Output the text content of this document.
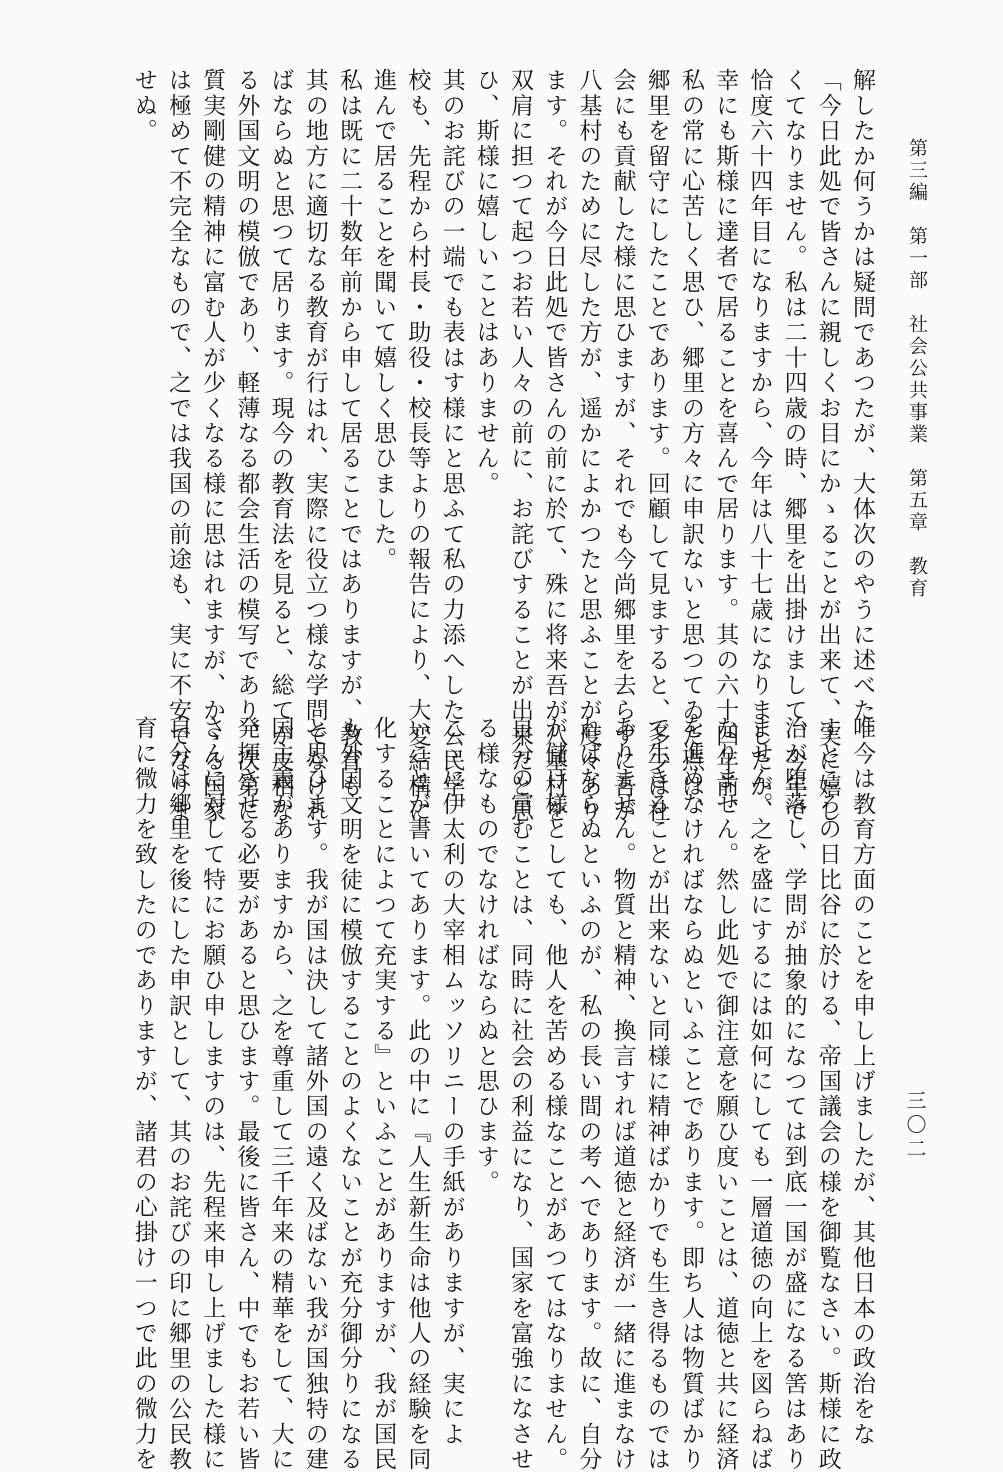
第三編　第一部　社会公共事業　第五章　教育
三〇二
解したか何うかは疑問であつたが、大体次のやうに述べた。
「今日此処で皆さんに親しくお目にかゝることが出来て、実に嬉し
くてなりません。私は二十四歳の時、郷里を出掛けまして、今年で
恰度六十四年目になりますから、今年は八十七歳になりましたが、
幸にも斯様に達者で居ることを喜んで居ります。其の六十四年前、
私の常に心苦しく思ひ、郷里の方々に申訳ないと思つてゐた点は、
郷里を留守にしたことであります。回顧して見ますると、多少は社
会にも貢献した様に思ひますが、それでも今尚郷里を去らずに吾が
八基村のために尽した方が、遥かによかつたと思ふことが度々あり
ます。それが今日此処で皆さんの前に於て、殊に将来吾が八基村を
双肩に担つて起つお若い人々の前に、お詫びすることが出来たと思
ひ、斯様に嬉しいことはありません。
其のお詫びの一端でも表はす様にと思ふて私の力添へした公民学
校も、先程から村長・助役・校長等よりの報告により、大変結構に
進んで居ることを聞いて嬉しく思ひました。
私は既に二十数年前から申して居ることではありますが、教育も
其の地方に適切なる教育が行はれ、実際に役立つ様な学問でなけれ
ばならぬと思つて居ります。現今の教育法を見ると、総てが皮相な
る外国文明の模倣であり、軽薄なる都会生活の模写であり、次第に
質実剛健の精神に富む人が少くなる様に思はれますが、かゝる国家
は極めて不完全なもので、之では我国の前途も、実に不安でなりま
せぬ。
唯今は教育方面のことを申し上げましたが、其他日本の政治をな
すところの日比谷に於ける、帝国議会の様を御覧なさい。斯様に政
治が堕落し、学問が抽象的になつては到底一国が盛になる筈はあり
ません。之を盛にするには如何にしても一層道徳の向上を図らねば
なりません。然し此処で御注意を願ひ度いことは、道徳と共に経済
を進めなければならぬといふことであります。即ち人は物質ばかり
で生きることが出来ないと同様に精神ばかりでも生き得るものでは
ありません。物質と精神、換言すれば道徳と経済が一緒に進まなけ
ればならぬといふのが、私の長い間の考へであります。故に、自分
が儲け様としても、他人を苦める様なことがあつてはなりません。
自分の富むことは、同時に社会の利益になり、国家を富強になさせ
る様なものでなければならぬと思ひます。
こゝに伊太利の大宰相ムッソリニーの手紙がありますが、実によ
いことが書いてあります。此の中に『人生新生命は他人の経験を同
化することによつて充実する』といふことがありますが、我が国民
も外国文明を徒に模倣することのよくないことが充分御分りになる
と思ひます。我が国は決して諸外国の遠く及ばない我が国独特の建
国主義がありますから、之を尊重して三千年来の精華をして、大に
発揮させる必要があると思ひます。最後に皆さん、中でもお若い皆
さんに対して特にお願ひ申しますのは、先程来申し上げました様に
自分は郷里を後にした申訳として、其のお詫びの印に郷里の公民教
育に微力を致したのでありますが、諸君の心掛け一つで此の微力を
